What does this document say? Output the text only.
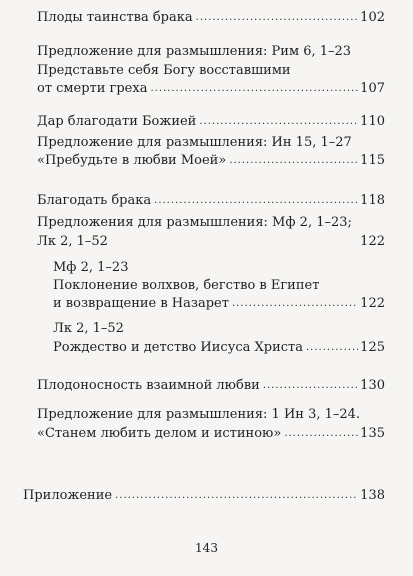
Плоды таинства брака .....	102
Предложение для размышления: Рим 6, 1–23
Представьте себя Богу восставшими
от смерти греха .....	107
Дар благодати Божией .....	110
Предложение для размышления: Ин 15, 1–27
«Пребудьте в любви Моей» .....	115
Благодать брака .....	118
Предложения для размышления: Мф 2, 1–23;
Лк 2, 1–52	122
Мф 2, 1–23
Поклонение волхвов, бегство в Египет
и возвращение в Назарет .....	122
Лк 2, 1–52
Рождество и детство Иисуса Христа .....	125
Плодоносность взаимной любви .....	130
Предложение для размышления: 1 Ин 3, 1–24.
«Станем любить делом и истиною» .....	135
Приложение .....	138
143
